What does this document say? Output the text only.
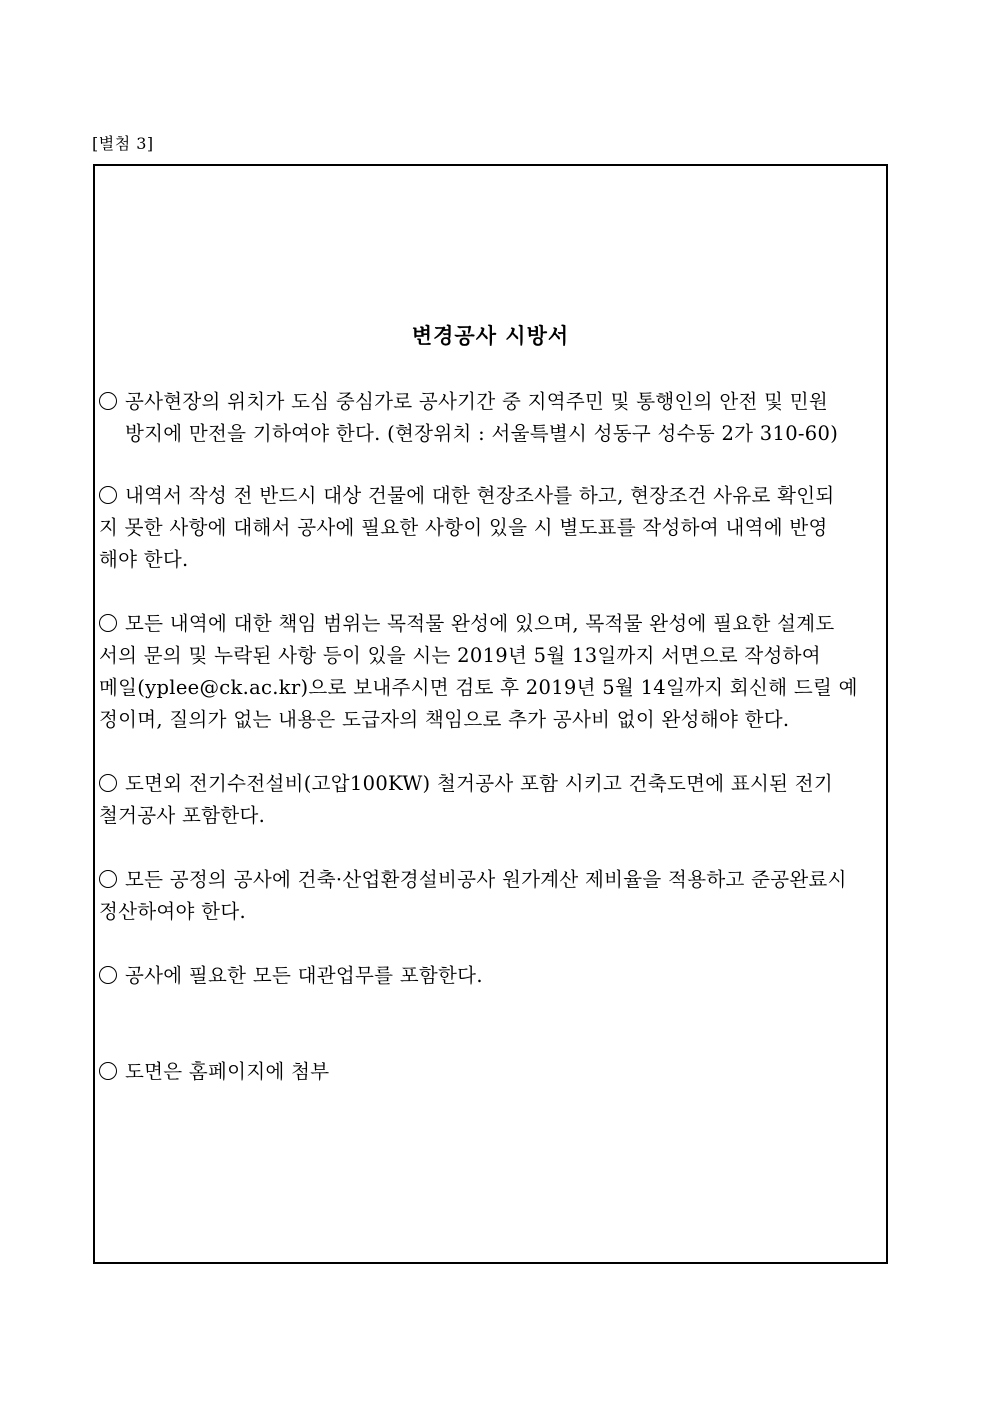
[별첨 3]
변경공사 시방서
공사현장의 위치가 도심 중심가로 공사기간 중 지역주민 및 통행인의 안전 및 민원
방지에 만전을 기하여야 한다. (현장위치 : 서울특별시 성동구 성수동 2가 310-60)
내역서 작성 전 반드시 대상 건물에 대한 현장조사를 하고, 현장조건 사유로 확인되
지 못한 사항에 대해서 공사에 필요한 사항이 있을 시 별도표를 작성하여 내역에 반영
해야 한다.
모든 내역에 대한 책임 범위는 목적물 완성에 있으며, 목적물 완성에 필요한 설계도
서의 문의 및 누락된 사항 등이 있을 시는 2019년 5월 13일까지 서면으로 작성하여
메일(yplee@ck.ac.kr)으로 보내주시면 검토 후 2019년 5월 14일까지 회신해 드릴 예
정이며, 질의가 없는 내용은 도급자의 책임으로 추가 공사비 없이 완성해야 한다.
도면외 전기수전설비(고압100KW) 철거공사 포함 시키고 건축도면에 표시된 전기
철거공사 포함한다.
모든 공정의 공사에 건축·산업환경설비공사 원가계산 제비율을 적용하고 준공완료시
정산하여야 한다.
공사에 필요한 모든 대관업무를 포함한다.
도면은 홈페이지에 첨부
